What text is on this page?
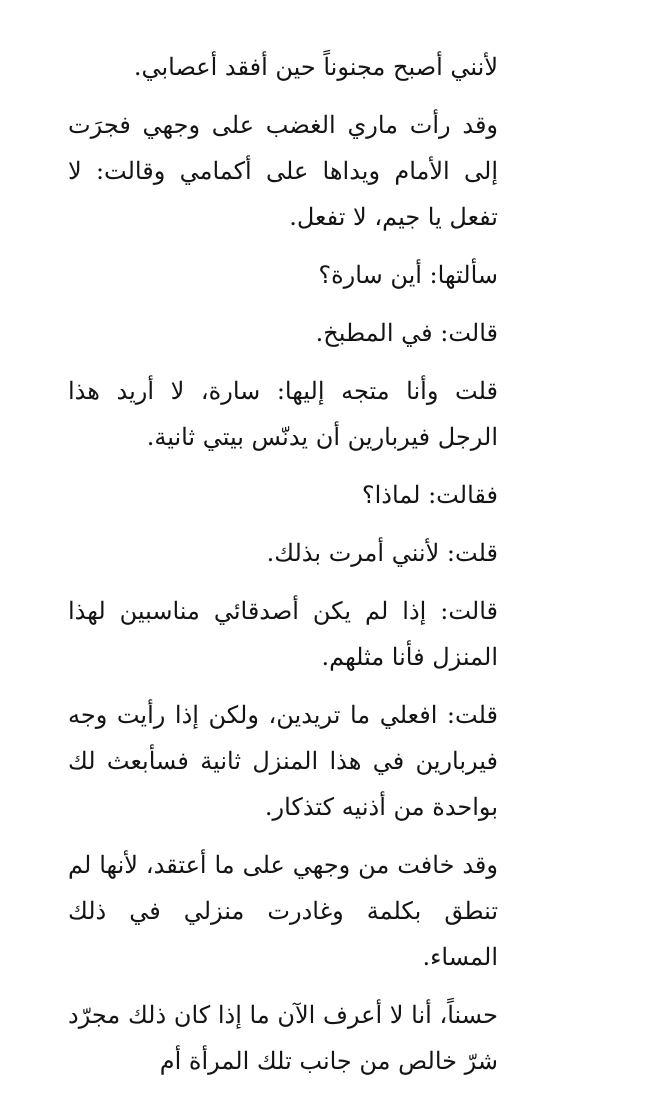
لأنني أصبح مجنوناً حين أفقد أعصابي.

وقد رأت ماري الغضب على وجهي فجرَت إلى الأمام ويداها على أكمامي وقالت: لا تفعل يا جيم، لا تفعل.

سألتها: أين سارة؟

قالت: في المطبخ.

قلت وأنا متجه إليها: سارة، لا أريد هذا الرجل فيربارين أن يدنّس بيتي ثانية.

فقالت: لماذا؟

قلت: لأنني أمرت بذلك.

قالت: إذا لم يكن أصدقائي مناسبين لهذا المنزل فأنا مثلهم.

قلت: افعلي ما تريدين، ولكن إذا رأيت وجه فيربارين في هذا المنزل ثانية فسأبعث لك بواحدة من أذنيه كتذكار.

وقد خافت من وجهي على ما أعتقد، لأنها لم تنطق بكلمة وغادرت منزلي في ذلك المساء.

حسناً، أنا لا أعرف الآن ما إذا كان ذلك مجرّد شرّ خالص من جانب تلك المرأة أم
